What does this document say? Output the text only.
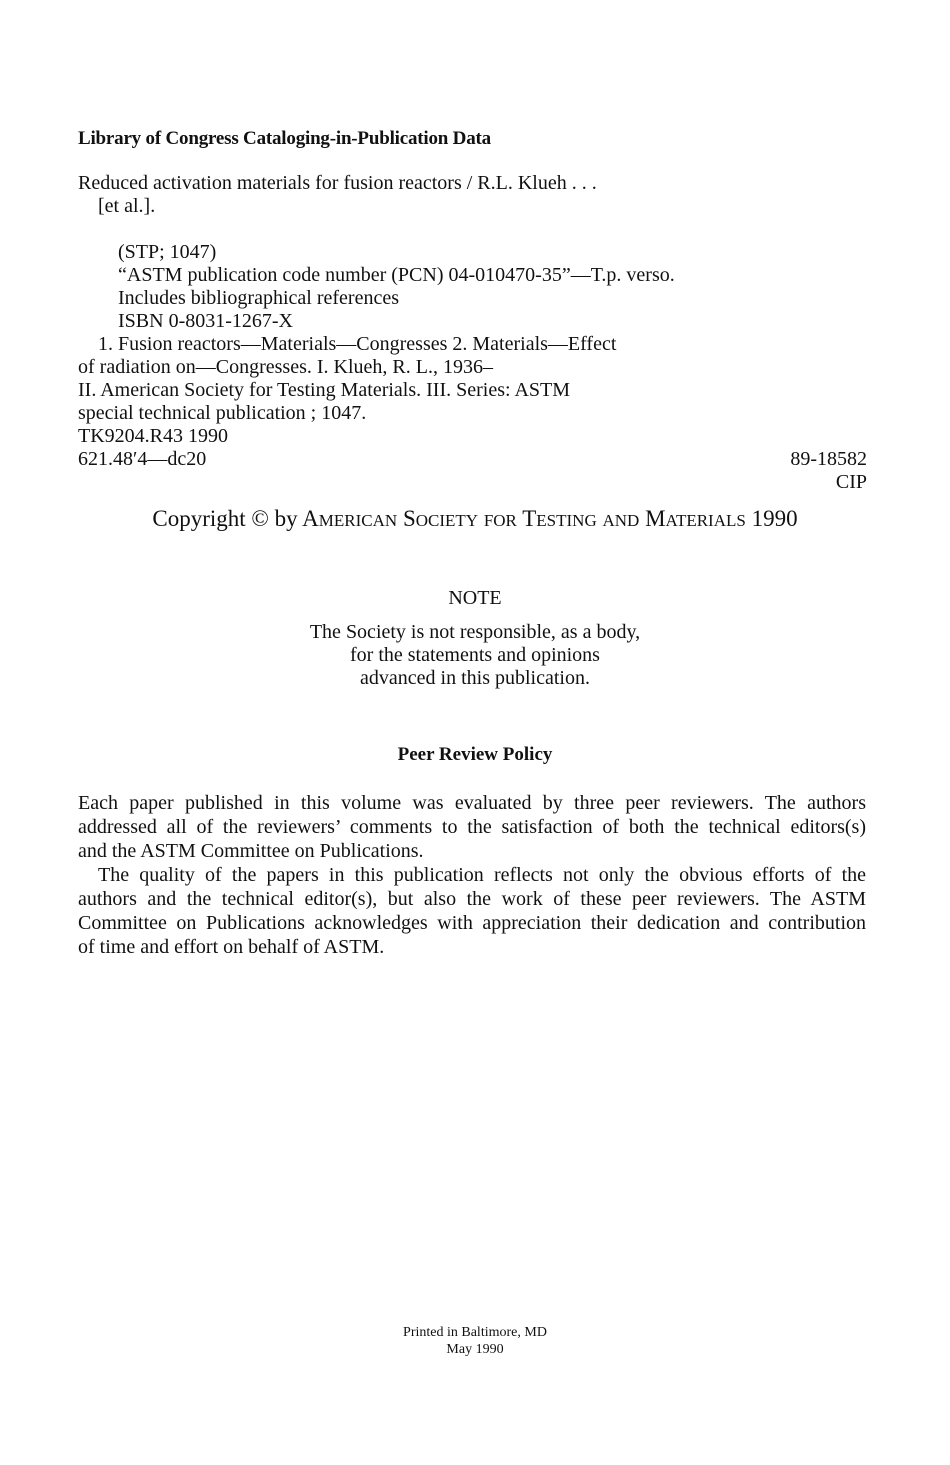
Library of Congress Cataloging-in-Publication Data
Reduced activation materials for fusion reactors / R.L. Klueh . . .
[et al.].
(STP; 1047)
“ASTM publication code number (PCN) 04-010470-35”—T.p. verso.
Includes bibliographical references
ISBN 0-8031-1267-X
1. Fusion reactors—Materials—Congresses 2. Materials—Effect
of radiation on—Congresses. I. Klueh, R. L., 1936–
II. American Society for Testing Materials. III. Series: ASTM
special technical publication ; 1047.
TK9204.R43 1990
621.48′4—dc20	89-18582
CIP
Copyright © by AMERICAN SOCIETY FOR TESTING AND MATERIALS 1990
NOTE
The Society is not responsible, as a body,
for the statements and opinions
advanced in this publication.
Peer Review Policy
Each paper published in this volume was evaluated by three peer reviewers. The authors
addressed all of the reviewers’ comments to the satisfaction of both the technical editors(s)
and the ASTM Committee on Publications.
The quality of the papers in this publication reflects not only the obvious efforts of the
authors and the technical editor(s), but also the work of these peer reviewers. The ASTM
Committee on Publications acknowledges with appreciation their dedication and contribution
of time and effort on behalf of ASTM.
Printed in Baltimore, MD
May 1990
